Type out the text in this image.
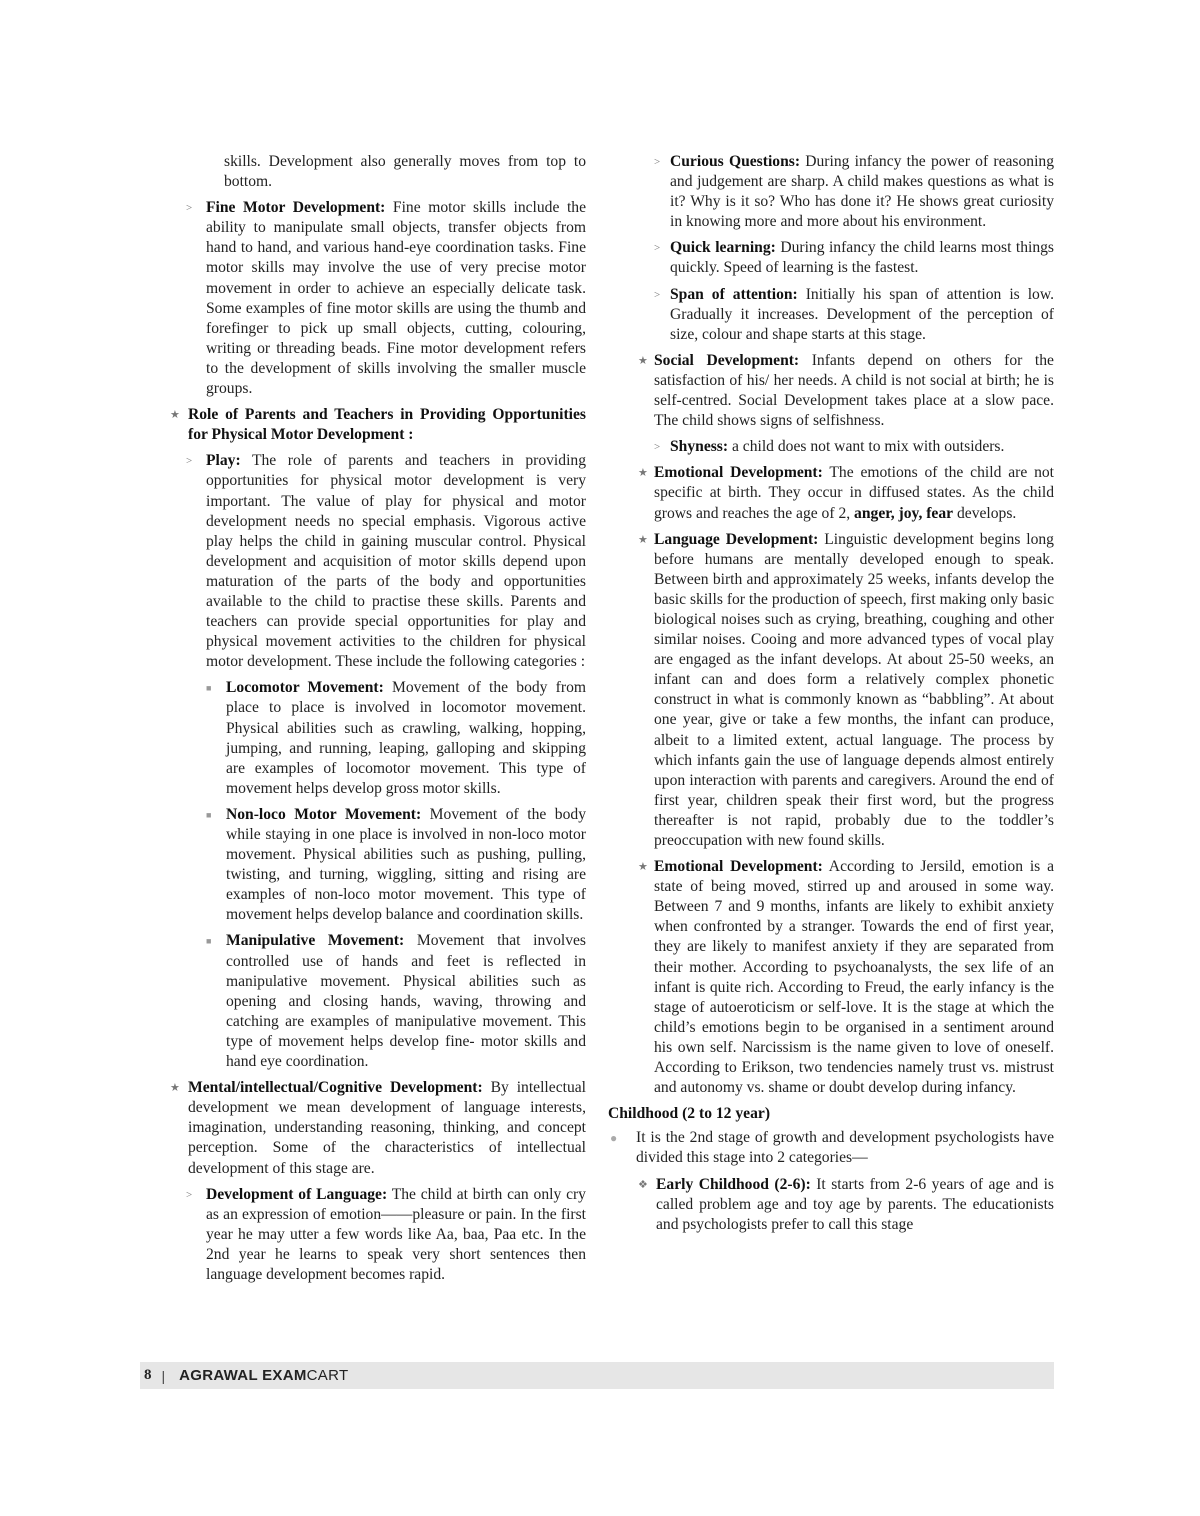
skills. Development also generally moves from top to bottom.

> Fine Motor Development: Fine motor skills include the ability to manipulate small objects, transfer objects from hand to hand, and various hand-eye coordination tasks. Fine motor skills may involve the use of very precise motor movement in order to achieve an especially delicate task. Some examples of fine motor skills are using the thumb and forefinger to pick up small objects, cutting, colouring, writing or threading beads. Fine motor development refers to the development of skills involving the smaller muscle groups.

★ Role of Parents and Teachers in Providing Opportunities for Physical Motor Development :

> Play: The role of parents and teachers in providing opportunities for physical motor development is very important. The value of play for physical and motor development needs no special emphasis. Vigorous active play helps the child in gaining muscular control. Physical development and acquisition of motor skills depend upon maturation of the parts of the body and opportunities available to the child to practise these skills. Parents and teachers can provide special opportunities for play and physical movement activities to the children for physical motor development. These include the following categories :

■ Locomotor Movement: Movement of the body from place to place is involved in locomotor movement. Physical abilities such as crawling, walking, hopping, jumping, and running, leaping, galloping and skipping are examples of locomotor movement. This type of movement helps develop gross motor skills.

■ Non-loco Motor Movement: Movement of the body while staying in one place is involved in non-loco motor movement. Physical abilities such as pushing, pulling, twisting, and turning, wiggling, sitting and rising are examples of non-loco motor movement. This type of movement helps develop balance and coordination skills.

■ Manipulative Movement: Movement that involves controlled use of hands and feet is reflected in manipulative movement. Physical abilities such as opening and closing hands, waving, throwing and catching are examples of manipulative movement. This type of movement helps develop fine- motor skills and hand eye coordination.

★ Mental/intellectual/Cognitive Development: By intellectual development we mean development of language interests, imagination, understanding reasoning, thinking, and concept perception. Some of the characteristics of intellectual development of this stage are.

> Development of Language: The child at birth can only cry as an expression of emotion——pleasure or pain. In the first year he may utter a few words like Aa, baa, Paa etc. In the 2nd year he learns to speak very short sentences then language development becomes rapid.

> Curious Questions: During infancy the power of reasoning and judgement are sharp. A child makes questions as what is it? Why is it so? Who has done it? He shows great curiosity in knowing more and more about his environment.

> Quick learning: During infancy the child learns most things quickly. Speed of learning is the fastest.

> Span of attention: Initially his span of attention is low. Gradually it increases. Development of the perception of size, colour and shape starts at this stage.

★ Social Development: Infants depend on others for the satisfaction of his/ her needs. A child is not social at birth; he is self-centred. Social Development takes place at a slow pace. The child shows signs of selfishness.

> Shyness: a child does not want to mix with outsiders.

★ Emotional Development: The emotions of the child are not specific at birth. They occur in diffused states. As the child grows and reaches the age of 2, anger, joy, fear develops.

★ Language Development: Linguistic development begins long before humans are mentally developed enough to speak. Between birth and approximately 25 weeks, infants develop the basic skills for the production of speech, first making only basic biological noises such as crying, breathing, coughing and other similar noises. Cooing and more advanced types of vocal play are engaged as the infant develops. At about 25-50 weeks, an infant can and does form a relatively complex phonetic construct in what is commonly known as “babbling”. At about one year, give or take a few months, the infant can produce, albeit to a limited extent, actual language. The process by which infants gain the use of language depends almost entirely upon interaction with parents and caregivers. Around the end of first year, children speak their first word, but the progress thereafter is not rapid, probably due to the toddler’s preoccupation with new found skills.

★ Emotional Development: According to Jersild, emotion is a state of being moved, stirred up and aroused in some way. Between 7 and 9 months, infants are likely to exhibit anxiety when confronted by a stranger. Towards the end of first year, they are likely to manifest anxiety if they are separated from their mother. According to psychoanalysts, the sex life of an infant is quite rich. According to Freud, the early infancy is the stage of autoeroticism or self-love. It is the stage at which the child’s emotions begin to be organised in a sentiment around his own self. Narcissism is the name given to love of oneself. According to Erikson, two tendencies namely trust vs. mistrust and autonomy vs. shame or doubt develop during infancy.

Childhood (2 to 12 year)
● It is the 2nd stage of growth and development psychologists have divided this stage into 2 categories—

❖ Early Childhood (2-6): It starts from 2-6 years of age and is called problem age and toy age by parents. The educationists and psychologists prefer to call this stage

8 | AGRAWAL EXAMCART
